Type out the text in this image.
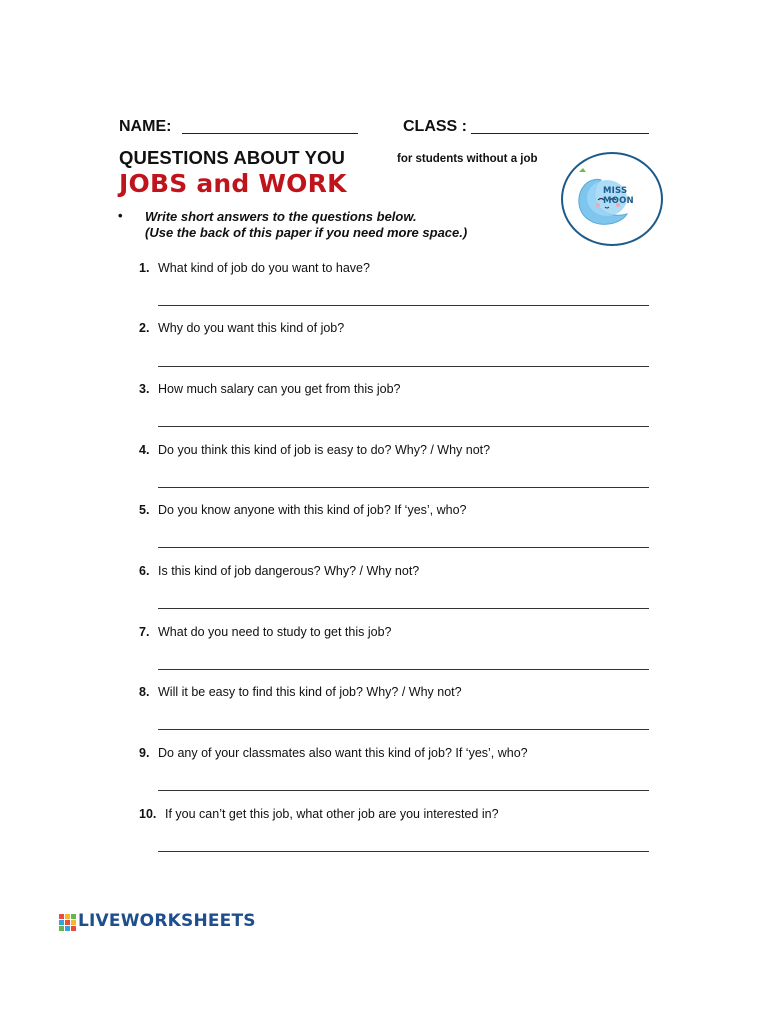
NAME:	CLASS :
QUESTIONS ABOUT YOU	for students without a job
JOBS and WORK	MISS MOON
• Write short answers to the questions below.
(Use the back of this paper if you need more space.)
1. What kind of job do you want to have?
2. Why do you want this kind of job?
3. How much salary can you get from this job?
4. Do you think this kind of job is easy to do? Why? / Why not?
5. Do you know anyone with this kind of job? If ‘yes’, who?
6. Is this kind of job dangerous? Why? / Why not?
7. What do you need to study to get this job?
8. Will it be easy to find this kind of job? Why? / Why not?
9. Do any of your classmates also want this kind of job? If ‘yes’, who?
10. If you can’t get this job, what other job are you interested in?
LIVEWORKSHEETS
